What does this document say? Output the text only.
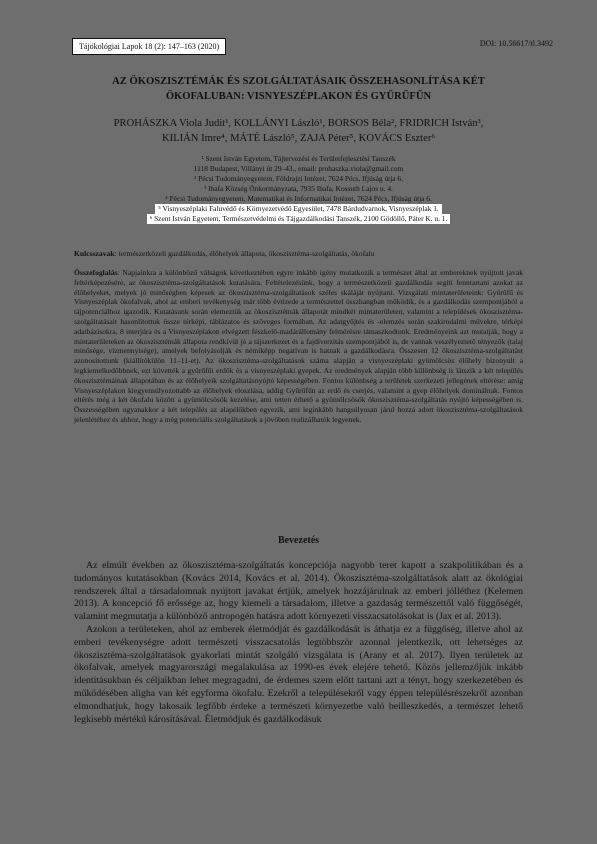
Tájökológiai Lapok 18 (2): 147–163 (2020)	DOI: 10.56617/tl.3492
AZ ÖKOSZISZTÉMÁK ÉS SZOLGÁLTATÁSAIK ÖSSZEHASONLÍTÁSA KÉT
ÖKOFALUBAN: VISNYESZÉPLAKON ÉS GYŰRŰFŰN
PROHÁSZKA Viola Judit¹, KOLLÁNYI László¹, BORSOS Béla², FRIDRICH István³,
KILIÁN Imre⁴, MÁTÉ László⁵, ZAJA Péter⁵, KOVÁCS Eszter⁶
¹ Szent István Egyetem, Tájtervezési és Területfejlesztési Tanszék
1118 Budapest, Villányi út 29–43., email: prohaszka.viola@gmail.com
² Pécsi Tudományegyetem, Földrajzi Intézet, 7624 Pécs, Ifjúság útja 6.
³ Ibafa Község Önkormányzata, 7935 Ibafa, Kossuth Lajos u. 4.
⁴ Pécsi Tudományegyetem, Matematikai és Informatikai Intézet, 7624 Pécs, Ifjúság útja 6.
⁵ Visnyeszéplaki Faluvédő és Környezetvédő Egyesület, 7478 Bárdudvarnok, Visnyeszéplak 1.
⁶ Szent István Egyetem, Természetvédelmi és Tájgazdálkodási Tanszék, 2100 Gödöllő, Páter K. u. 1.
Kulcsszavak: természetközeli gazdálkodás, élőhelyek állapota, ökoszisztéma-szolgáltatás, ökofalu
Összefoglalás: Napjainkra a különböző válságok következtében egyre inkább igény mutatkozik a természet által az embereknek nyújtott javak feltérképezésére, az ökoszisztéma-szolgáltatások kutatására. Feltételezésünk, hogy a természetközeli gazdálkodás segíti fenntartani azokat az élőhelyeket, melyek jó minőségben képesek az ökoszisztéma-szolgáltatások széles skáláját nyújtani. Vizsgálati mintaterületeink: Gyűrűfű és Visnyeszéplak ökofalvak, ahol az emberi tevékenység már több évtizede a természettel összhangban működik, és a gazdálkodás szempontjából a tájpotenciálhoz igazodik. Kutatásunk során elemeztük az ökoszisztémák állapotát mindkét mintaterületen, valamint a települések ökoszisztéma-szolgáltatásait hasonlítottuk össze térképi, táblázatos és szöveges formában. Az adatgyűjtés és -elemzés során szakirodalmi művekre, térképi adatbázisokra, 8 interjúra és a Visnyeszéplakon elvégzett fészkelő-madárállomány felmérésre támaszkodtunk. Eredményeink azt mutatják, hogy a mintaterületeken az ökoszisztémák állapota rendkívül jó a tájszerkezet és a fajdiverzitás szempontjából is, de vannak veszélyeztető tényezők (talaj minősége, vízmennyisége), amelyek befolyásolják és némiképp negatívan is hatnak a gazdálkodásra. Összesen 12 ökoszisztéma-szolgáltatást azonosítottunk (kiállítókülön 11–11-et). Az ökoszisztéma-szolgáltatások száma alapján a visnyeszéplaki gyümölcsös élőhely bizonyult a legkiemelkedőbbnek, ezt követték a gyűrűfűi erdők és a visnyeszéplaki gyepek. Az eredmények alapján több különbség is látszik a két település ökoszisztémáinak állapotában és az élőhelyeik szolgáltatásnyújtó képességében. Fontos különbség a területek szerkezeti jellegének eltérése: amíg Visnyeszéplakon kiegyensúlyozottabb az élőhelyek eloszlása, addig Gyűrűfűn az erdő és cserjés, valamint a gyep élőhelyek dominálnak. Fontos eltérés még a két ökofalu között a gyümölcsösök kezelése, ami tetten érhető a gyümölcsösök ökoszisztéma-szolgáltatás nyújtó képességében is. Összességében ugyanakkor a két település az alapélőkben egyezik, ami leginkább hangsúlyosan járul hozzá adott ökoszisztéma-szolgáltatások jelenlétéhez és ahhoz, hogy a még potenciális szolgáltatások a jövőben realizálhatók legyenek.
Bevezetés

Az elmúlt években az ökoszisztéma-szolgáltatás koncepciója nagyobb teret kapott a szakpolitikában és a tudományos kutatásokban (Kovács 2014, Kovács et al. 2014). Ökoszisztéma-szolgáltatások alatt az ökológiai rendszerek által a társadalomnak nyújtott javakat értjük, amelyek hozzájárulnak az emberi jólléthez (Kelemen 2013). A koncepció fő erőssége az, hogy kiemeli a társadalom, illetve a gazdaság természettől való függőségét, valamint megmutatja a különböző antropogén hatásra adott környezeti visszacsatolásokat is (Jax et al. 2013).

Azokon a területeken, ahol az emberek életmódját és gazdálkodását is áthatja ez a függőség, illetve ahol az emberi tevékenységre adott természeti visszacsatolás legtöbbször azonnal jelentkezik, ott lehetséges az ökoszisztéma-szolgáltatások gyakorlati mintát szolgáló vizsgálata is (Arany et al. 2017). Ilyen területek az ökofalvak, amelyek magyarországi megalakulása az 1990-es évek elejére tehető. Közös jellemzőjük inkább identitásukban és céljaikban lehet megragadni, de érdemes szem előtt tartani azt a tényt, hogy szerkezetében és működésében aligha van két egyforma ökofalu. Ezekről a településekről vagy éppen településrészekről azonban elmondhatjuk, hogy lakosaik legfőbb érdeke a természeti környezetbe való beilleszkedés, a természet lehető legkisebb mértékű károsításával. Életmódjuk és gazdálkodásuk
